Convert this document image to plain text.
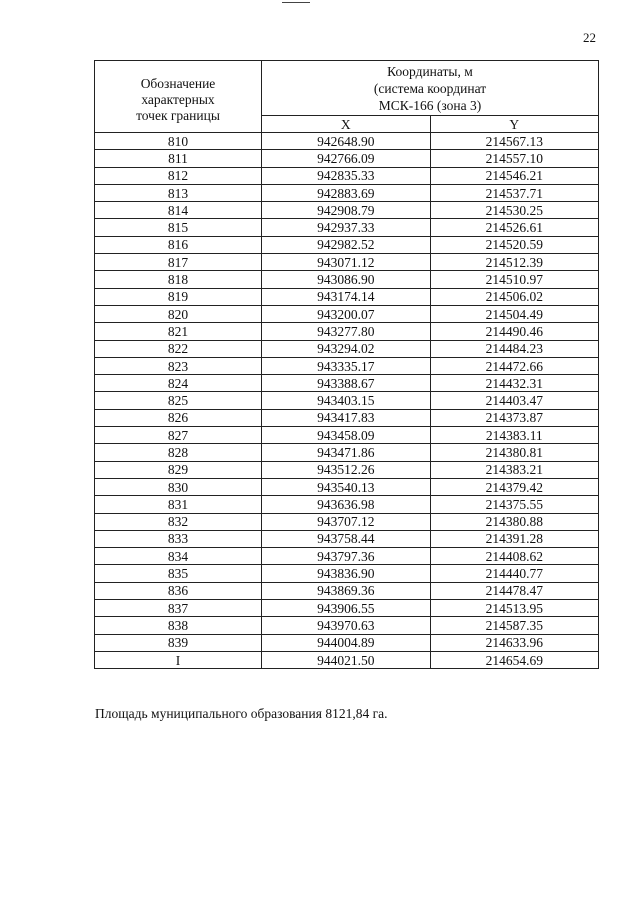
22
Обозначение
характерных
точек границы	Координаты, м
(система координат
МСК-166 (зона 3)	
	X	Y
810	942648.90	214567.13
811	942766.09	214557.10
812	942835.33	214546.21
813	942883.69	214537.71
814	942908.79	214530.25
815	942937.33	214526.61
816	942982.52	214520.59
817	943071.12	214512.39
818	943086.90	214510.97
819	943174.14	214506.02
820	943200.07	214504.49
821	943277.80	214490.46
822	943294.02	214484.23
823	943335.17	214472.66
824	943388.67	214432.31
825	943403.15	214403.47
826	943417.83	214373.87
827	943458.09	214383.11
828	943471.86	214380.81
829	943512.26	214383.21
830	943540.13	214379.42
831	943636.98	214375.55
832	943707.12	214380.88
833	943758.44	214391.28
834	943797.36	214408.62
835	943836.90	214440.77
836	943869.36	214478.47
837	943906.55	214513.95
838	943970.63	214587.35
839	944004.89	214633.96
I	944021.50	214654.69
Площадь муниципального образования 8121,84 га.
